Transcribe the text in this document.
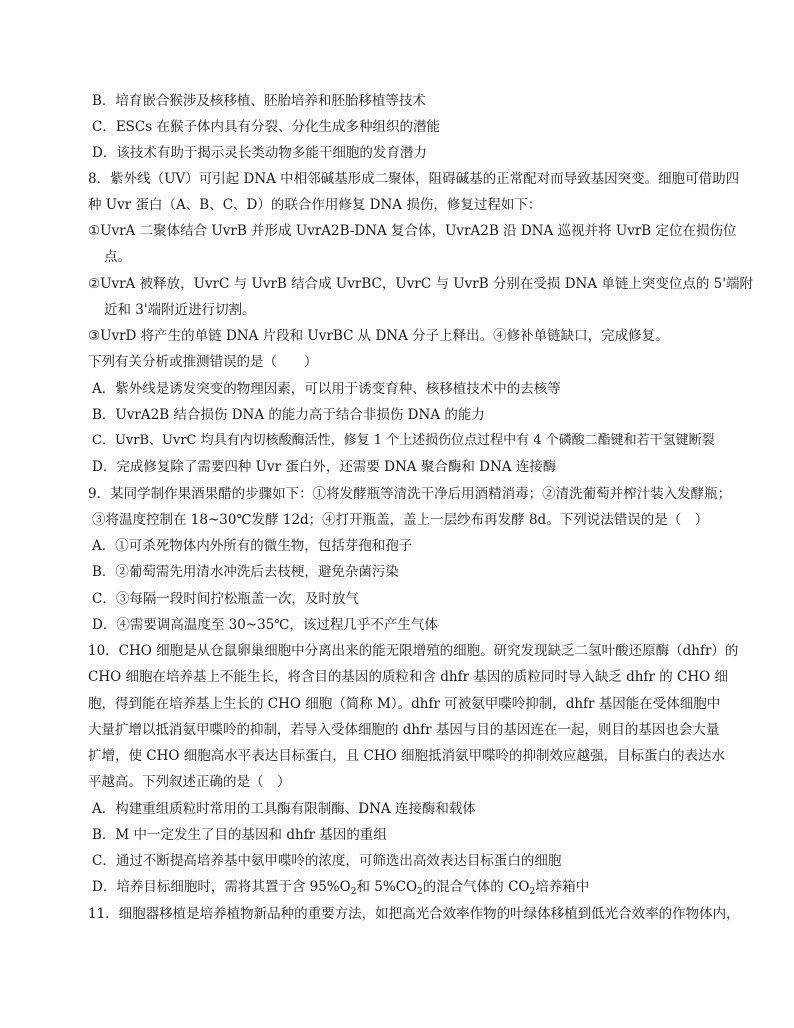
B．培育嵌合猴涉及核移植、胚胎培养和胚胎移植等技术
C．ESCs 在猴子体内具有分裂、分化生成多种组织的潜能
D．该技术有助于揭示灵长类动物多能干细胞的发育潜力
8．紫外线（UV）可引起 DNA 中相邻碱基形成二聚体，阻碍碱基的正常配对而导致基因突变。细胞可借助四
种 Uvr 蛋白（A、B、C、D）的联合作用修复 DNA 损伤，修复过程如下：
①UvrA 二聚体结合 UvrB 并形成 UvrA2B-DNA 复合体，UvrA2B 沿 DNA 巡视并将 UvrB 定位在损伤位
点。
②UvrA 被释放，UvrC 与 UvrB 结合成 UvrBC，UvrC 与 UvrB 分别在受损 DNA 单链上突变位点的 5'端附
近和 3'端附近进行切割。
③UvrD 将产生的单链 DNA 片段和 UvrBC 从 DNA 分子上释出。④修补单链缺口，完成修复。
下列有关分析或推测错误的是（　　）
A．紫外线是诱发突变的物理因素，可以用于诱变育种、核移植技术中的去核等
B．UvrA2B 结合损伤 DNA 的能力高于结合非损伤 DNA 的能力
C．UvrB、UvrC 均具有内切核酸酶活性，修复 1 个上述损伤位点过程中有 4 个磷酸二酯键和若干氢键断裂
D．完成修复除了需要四种 Uvr 蛋白外，还需要 DNA 聚合酶和 DNA 连接酶
9．某同学制作果酒果醋的步骤如下：①将发酵瓶等清洗干净后用酒精消毒；②清洗葡萄并榨汁装入发酵瓶；
③将温度控制在 18~30℃发酵 12d；④打开瓶盖，盖上一层纱布再发酵 8d。下列说法错误的是（　）
A．①可杀死物体内外所有的微生物，包括芽孢和孢子
B．②葡萄需先用清水冲洗后去枝梗，避免杂菌污染
C．③每隔一段时间拧松瓶盖一次，及时放气
D．④需要调高温度至 30~35℃，该过程几乎不产生气体
10．CHO 细胞是从仓鼠卵巢细胞中分离出来的能无限增殖的细胞。研究发现缺乏二氢叶酸还原酶（dhfr）的
CHO 细胞在培养基上不能生长，将含目的基因的质粒和含 dhfr 基因的质粒同时导入缺乏 dhfr 的 CHO 细
胞，得到能在培养基上生长的 CHO 细胞（简称 M）。dhfr 可被氨甲喋呤抑制，dhfr 基因能在受体细胞中
大量扩增以抵消氨甲喋呤的抑制，若导入受体细胞的 dhfr 基因与目的基因连在一起，则目的基因也会大量
扩增，使 CHO 细胞高水平表达目标蛋白，且 CHO 细胞抵消氨甲喋呤的抑制效应越强，目标蛋白的表达水
平越高。下列叙述正确的是（　）
A．构建重组质粒时常用的工具酶有限制酶、DNA 连接酶和载体
B．M 中一定发生了目的基因和 dhfr 基因的重组
C．通过不断提高培养基中氨甲喋呤的浓度，可筛选出高效表达目标蛋白的细胞
D．培养目标细胞时，需将其置于含 $95\%O_2$和 $5\%CO_2$的混合气体的 $CO_2$培养箱中
11．细胞器移植是培养植物新品种的重要方法，如把高光合效率作物的叶绿体移植到低光合效率的作物体内，
